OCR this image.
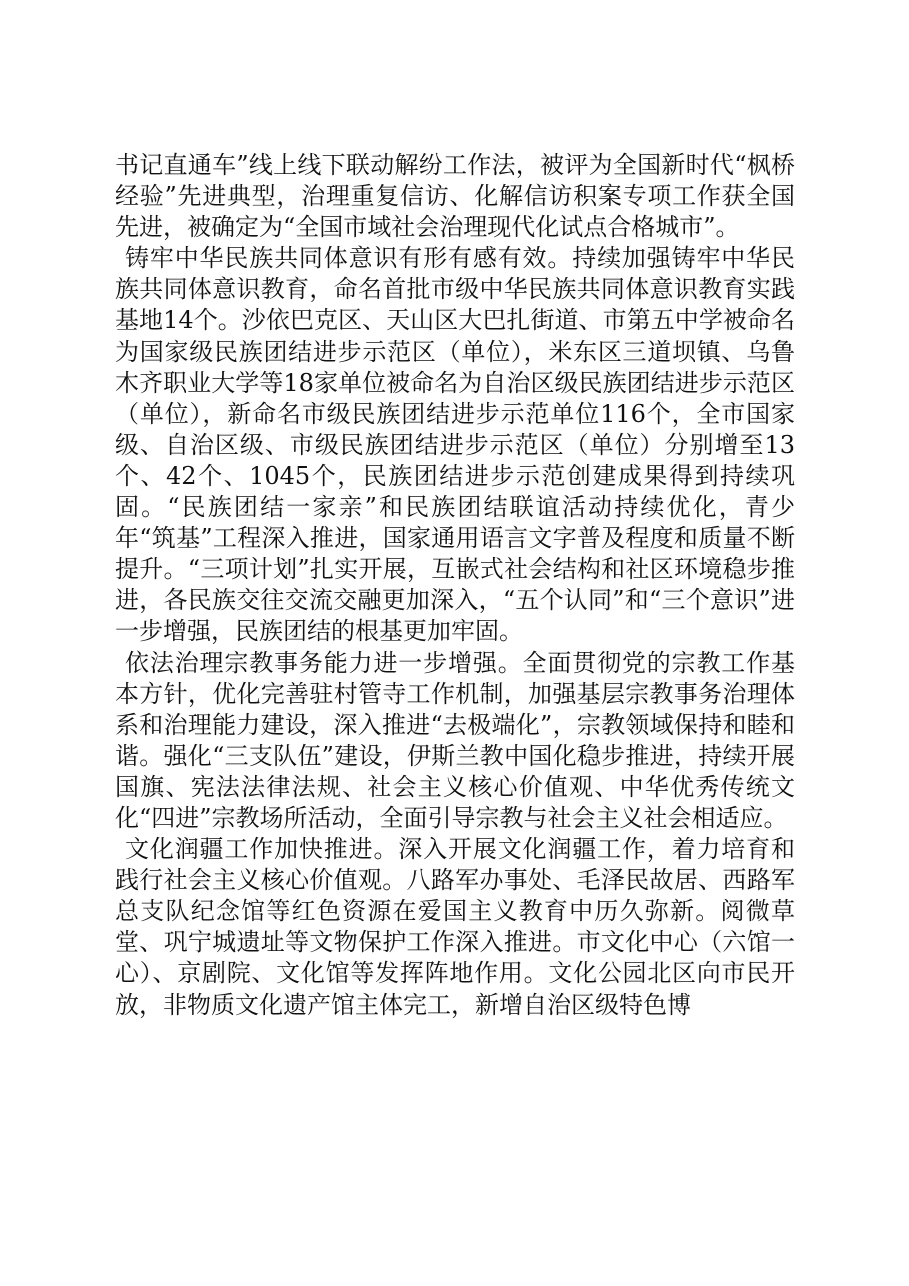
书记直通车”线上线下联动解纷工作法，被评为全国新时代“枫桥经验”先进典型，治理重复信访、化解信访积案专项工作获全国先进，被确定为“全国市域社会治理现代化试点合格城市”。

铸牢中华民族共同体意识有形有感有效。持续加强铸牢中华民族共同体意识教育，命名首批市级中华民族共同体意识教育实践基地14个。沙依巴克区、天山区大巴扎街道、市第五中学被命名为国家级民族团结进步示范区（单位），米东区三道坝镇、乌鲁木齐职业大学等18家单位被命名为自治区级民族团结进步示范区（单位），新命名市级民族团结进步示范单位116个，全市国家级、自治区级、市级民族团结进步示范区（单位）分别增至13个、42个、1045个，民族团结进步示范创建成果得到持续巩固。“民族团结一家亲”和民族团结联谊活动持续优化，青少年“筑基”工程深入推进，国家通用语言文字普及程度和质量不断提升。“三项计划”扎实开展，互嵌式社会结构和社区环境稳步推进，各民族交往交流交融更加深入，“五个认同”和“三个意识”进一步增强，民族团结的根基更加牢固。

依法治理宗教事务能力进一步增强。全面贯彻党的宗教工作基本方针，优化完善驻村管寺工作机制，加强基层宗教事务治理体系和治理能力建设，深入推进“去极端化”，宗教领域保持和睦和谐。强化“三支队伍”建设，伊斯兰教中国化稳步推进，持续开展国旗、宪法法律法规、社会主义核心价值观、中华优秀传统文化“四进”宗教场所活动，全面引导宗教与社会主义社会相适应。

文化润疆工作加快推进。深入开展文化润疆工作，着力培育和践行社会主义核心价值观。八路军办事处、毛泽民故居、西路军总支队纪念馆等红色资源在爱国主义教育中历久弥新。阅微草堂、巩宁城遗址等文物保护工作深入推进。市文化中心（六馆一心）、京剧院、文化馆等发挥阵地作用。文化公园北区向市民开放，非物质文化遗产馆主体完工，新增自治区级特色博
